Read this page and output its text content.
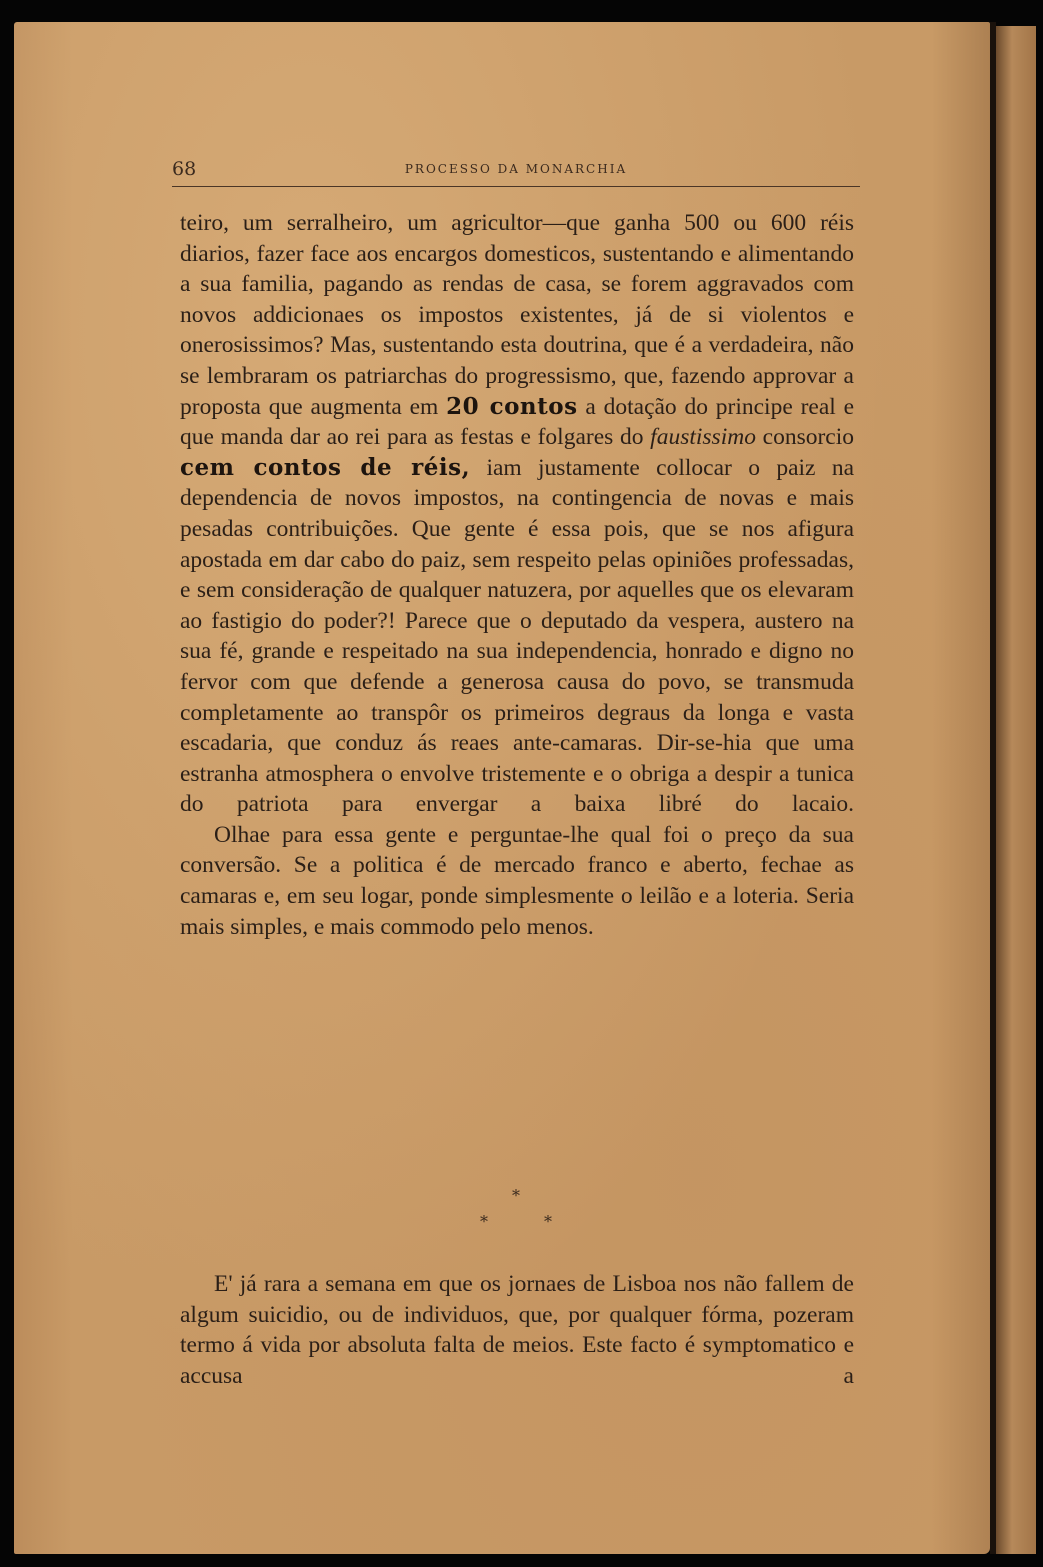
68	PROCESSO DA MONARCHIA

teiro, um serralheiro, um agricultor—que ganha 500 ou 600 réis diarios, fazer face aos encargos domesticos, sustentando e alimentando a sua familia, pagando as rendas de casa, se forem aggravados com novos addicionaes os impostos existentes, já de si violentos e onerosissimos? Mas, sustentando esta doutrina, que é a verdadeira, não se lembraram os patriarchas do progressismo, que, fazendo approvar a proposta que augmenta em 20 contos a dotação do principe real e que manda dar ao rei para as festas e folgares do faustissimo consorcio cem contos de réis, iam justamente collocar o paiz na dependencia de novos impostos, na contingencia de novas e mais pesadas contribuições. Que gente é essa pois, que se nos afigura apostada em dar cabo do paiz, sem respeito pelas opiniões professadas, e sem consideração de qualquer natuzera, por aquelles que os elevaram ao fastigio do poder?! Parece que o deputado da vespera, austero na sua fé, grande e respeitado na sua independencia, honrado e digno no fervor com que defende a generosa causa do povo, se transmuda completamente ao transpôr os primeiros degraus da longa e vasta escadaria, que conduz ás reaes ante-camaras. Dir-se-hia que uma estranha atmosphera o envolve tristemente e o obriga a despir a tunica do patriota para envergar a baixa libré do lacaio.

Olhae para essa gente e perguntae-lhe qual foi o preço da sua conversão. Se a politica é de mercado franco e aberto, fechae as camaras e, em seu logar, ponde simplesmente o leilão e a loteria. Seria mais simples, e mais commodo pelo menos.

*
*	*

E' já rara a semana em que os jornaes de Lisboa nos não fallem de algum suicidio, ou de individuos, que, por qualquer fórma, pozeram termo á vida por absoluta falta de meios. Este facto é symptomatico e accusa a
